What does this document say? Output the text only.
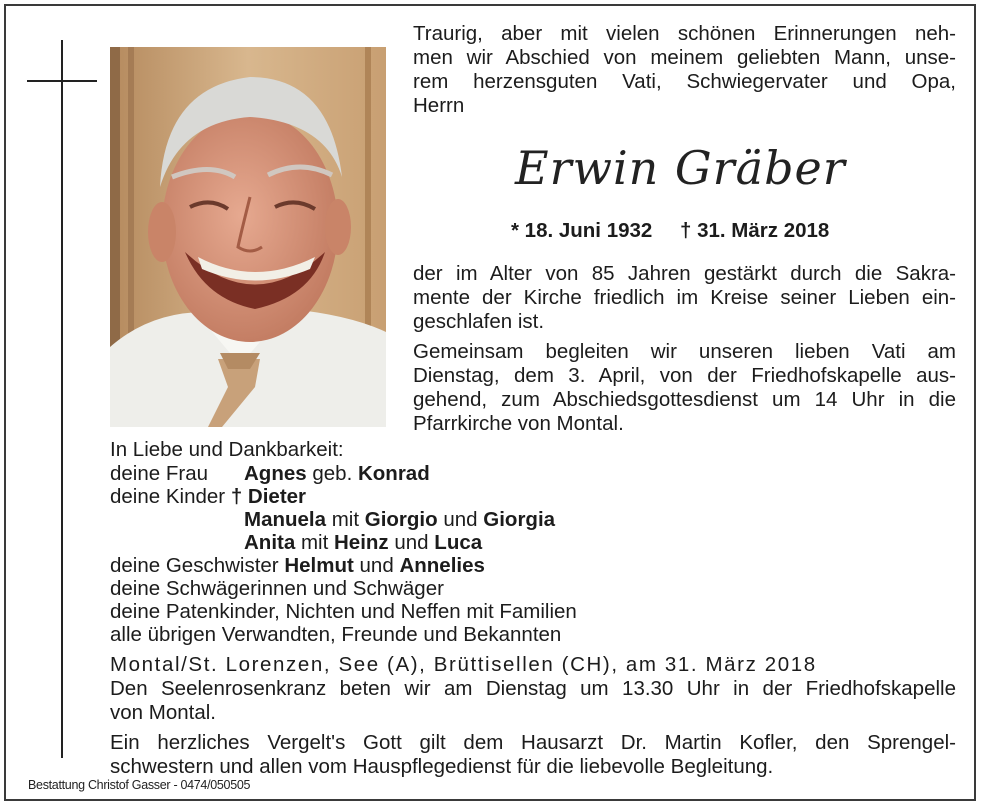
Traurig, aber mit vielen schönen Erinnerungen neh-
men wir Abschied von meinem geliebten Mann, unse-
rem herzensguten Vati, Schwiegervater und Opa,
Herrn
Erwin Gräber
* 18. Juni 1932 † 31. März 2018
der im Alter von 85 Jahren gestärkt durch die Sakra-
mente der Kirche friedlich im Kreise seiner Lieben ein-
geschlafen ist.
Gemeinsam begleiten wir unseren lieben Vati am
Dienstag, dem 3. April, von der Friedhofskapelle aus-
gehend, zum Abschiedsgottesdienst um 14 Uhr in die
Pfarrkirche von Montal.
In Liebe und Dankbarkeit:
deine Frau Agnes geb. Konrad
deine Kinder † Dieter
Manuela mit Giorgio und Giorgia
Anita mit Heinz und Luca
deine Geschwister Helmut und Annelies
deine Schwägerinnen und Schwäger
deine Patenkinder, Nichten und Neffen mit Familien
alle übrigen Verwandten, Freunde und Bekannten
Montal/St. Lorenzen, See (A), Brüttisellen (CH), am 31. März 2018
Den Seelenrosenkranz beten wir am Dienstag um 13.30 Uhr in der Friedhofskapelle
von Montal.
Ein herzliches Vergelt's Gott gilt dem Hausarzt Dr. Martin Kofler, den Sprengel-
schwestern und allen vom Hauspflegedienst für die liebevolle Begleitung.
Bestattung Christof Gasser - 0474/050505
